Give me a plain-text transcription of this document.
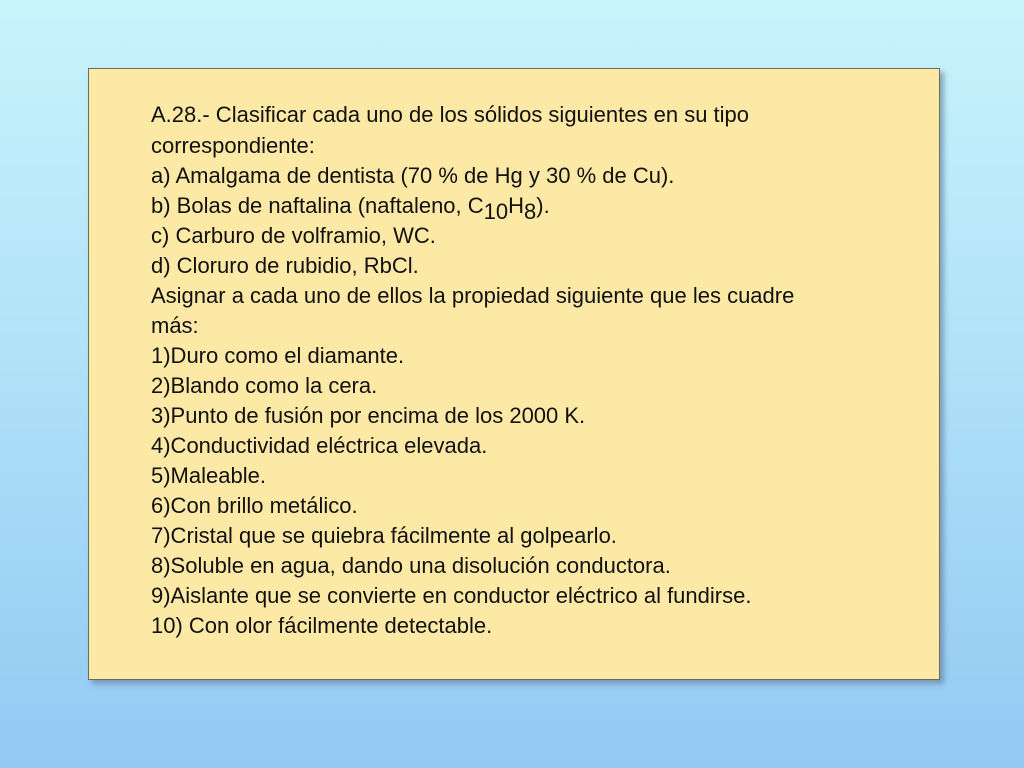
A.28.- Clasificar cada uno de los sólidos siguientes en su tipo
correspondiente:
a) Amalgama de dentista (70 % de Hg y 30 % de Cu).
b) Bolas de naftalina (naftaleno, C10H8).
c) Carburo de volframio, WC.
d) Cloruro de rubidio, RbCl.
Asignar a cada uno de ellos la propiedad siguiente que les cuadre
más:
1)Duro como el diamante.
2)Blando como la cera.
3)Punto de fusión por encima de los 2000 K.
4)Conductividad eléctrica elevada.
5)Maleable.
6)Con brillo metálico.
7)Cristal que se quiebra fácilmente al golpearlo.
8)Soluble en agua, dando una disolución conductora.
9)Aislante que se convierte en conductor eléctrico al fundirse.
10) Con olor fácilmente detectable.
